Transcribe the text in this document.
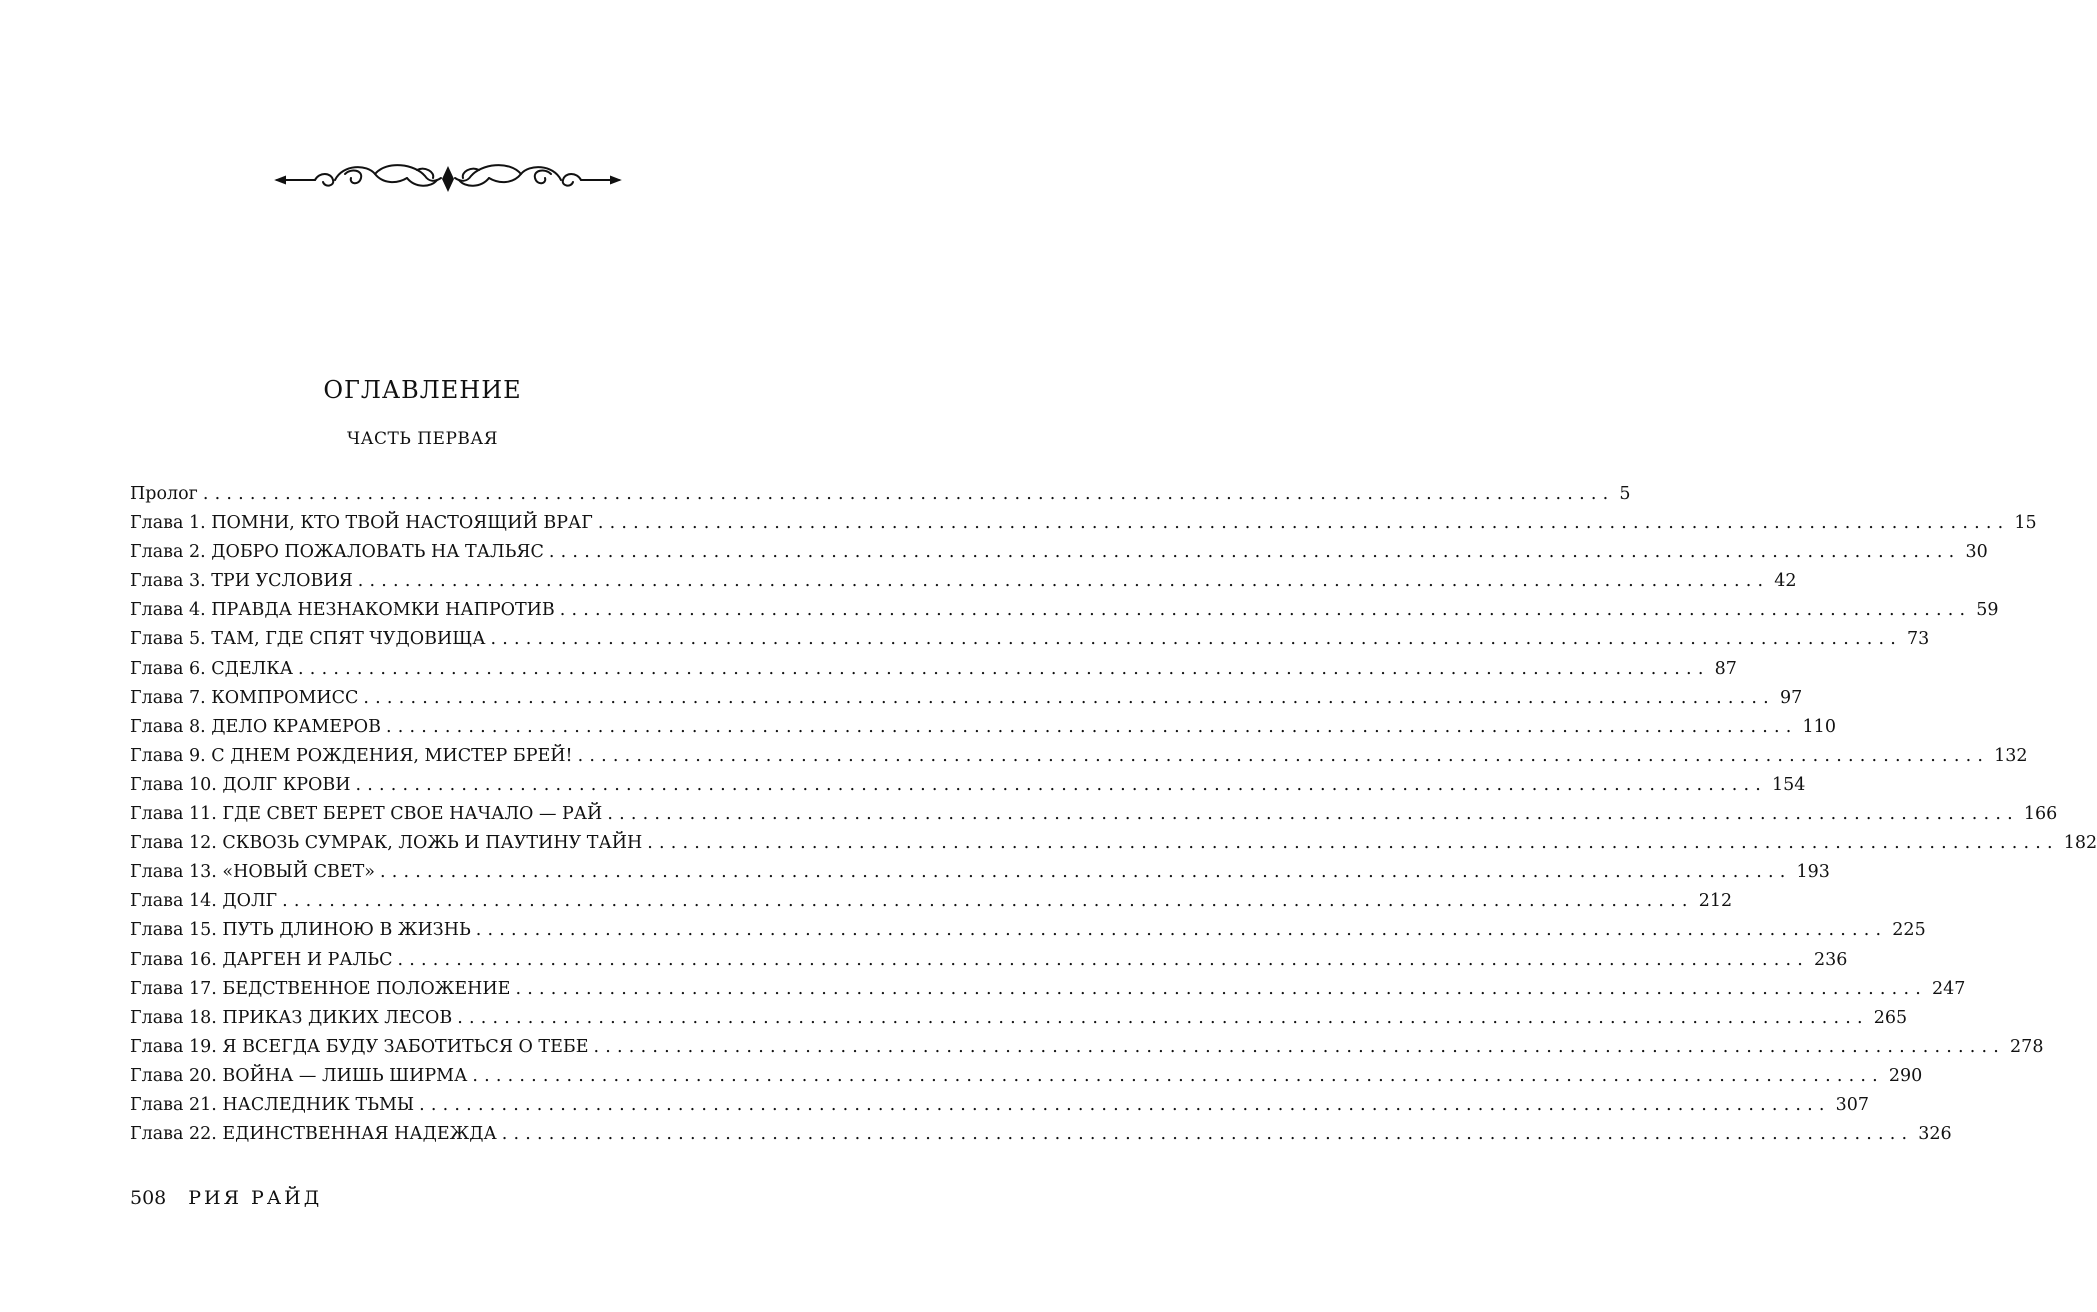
ОГЛАВЛЕНИЕ
ЧАСТЬ ПЕРВАЯ
Пролог ........................................................................................................................ 5
Глава 1. ПОМНИ, КТО ТВОЙ НАСТОЯЩИЙ ВРАГ ........................................................................................................................ 15
Глава 2. ДОБРО ПОЖАЛОВАТЬ НА ТАЛЬЯС ........................................................................................................................ 30
Глава 3. ТРИ УСЛОВИЯ ........................................................................................................................ 42
Глава 4. ПРАВДА НЕЗНАКОМКИ НАПРОТИВ ........................................................................................................................ 59
Глава 5. ТАМ, ГДЕ СПЯТ ЧУДОВИЩА ........................................................................................................................ 73
Глава 6. СДЕЛКА ........................................................................................................................ 87
Глава 7. КОМПРОМИСС ........................................................................................................................ 97
Глава 8. ДЕЛО КРАМЕРОВ ........................................................................................................................ 110
Глава 9. С ДНЕМ РОЖДЕНИЯ, МИСТЕР БРЕЙ! ........................................................................................................................ 132
Глава 10. ДОЛГ КРОВИ ........................................................................................................................ 154
Глава 11. ГДЕ СВЕТ БЕРЕТ СВОЕ НАЧАЛО — РАЙ ........................................................................................................................ 166
Глава 12. СКВОЗЬ СУМРАК, ЛОЖЬ И ПАУТИНУ ТАЙН ........................................................................................................................ 182
Глава 13. «НОВЫЙ СВЕТ» ........................................................................................................................ 193
Глава 14. ДОЛГ ........................................................................................................................ 212
Глава 15. ПУТЬ ДЛИНОЮ В ЖИЗНЬ ........................................................................................................................ 225
Глава 16. ДАРГЕН И РАЛЬС ........................................................................................................................ 236
Глава 17. БЕДСТВЕННОЕ ПОЛОЖЕНИЕ ........................................................................................................................ 247
Глава 18. ПРИКАЗ ДИКИХ ЛЕСОВ ........................................................................................................................ 265
Глава 19. Я ВСЕГДА БУДУ ЗАБОТИТЬСЯ О ТЕБЕ ........................................................................................................................ 278
Глава 20. ВОЙНА — ЛИШЬ ШИРМА ........................................................................................................................ 290
Глава 21. НАСЛЕДНИК ТЬМЫ ........................................................................................................................ 307
Глава 22. ЕДИНСТВЕННАЯ НАДЕЖДА ........................................................................................................................ 326
508 РИЯ РАЙД
